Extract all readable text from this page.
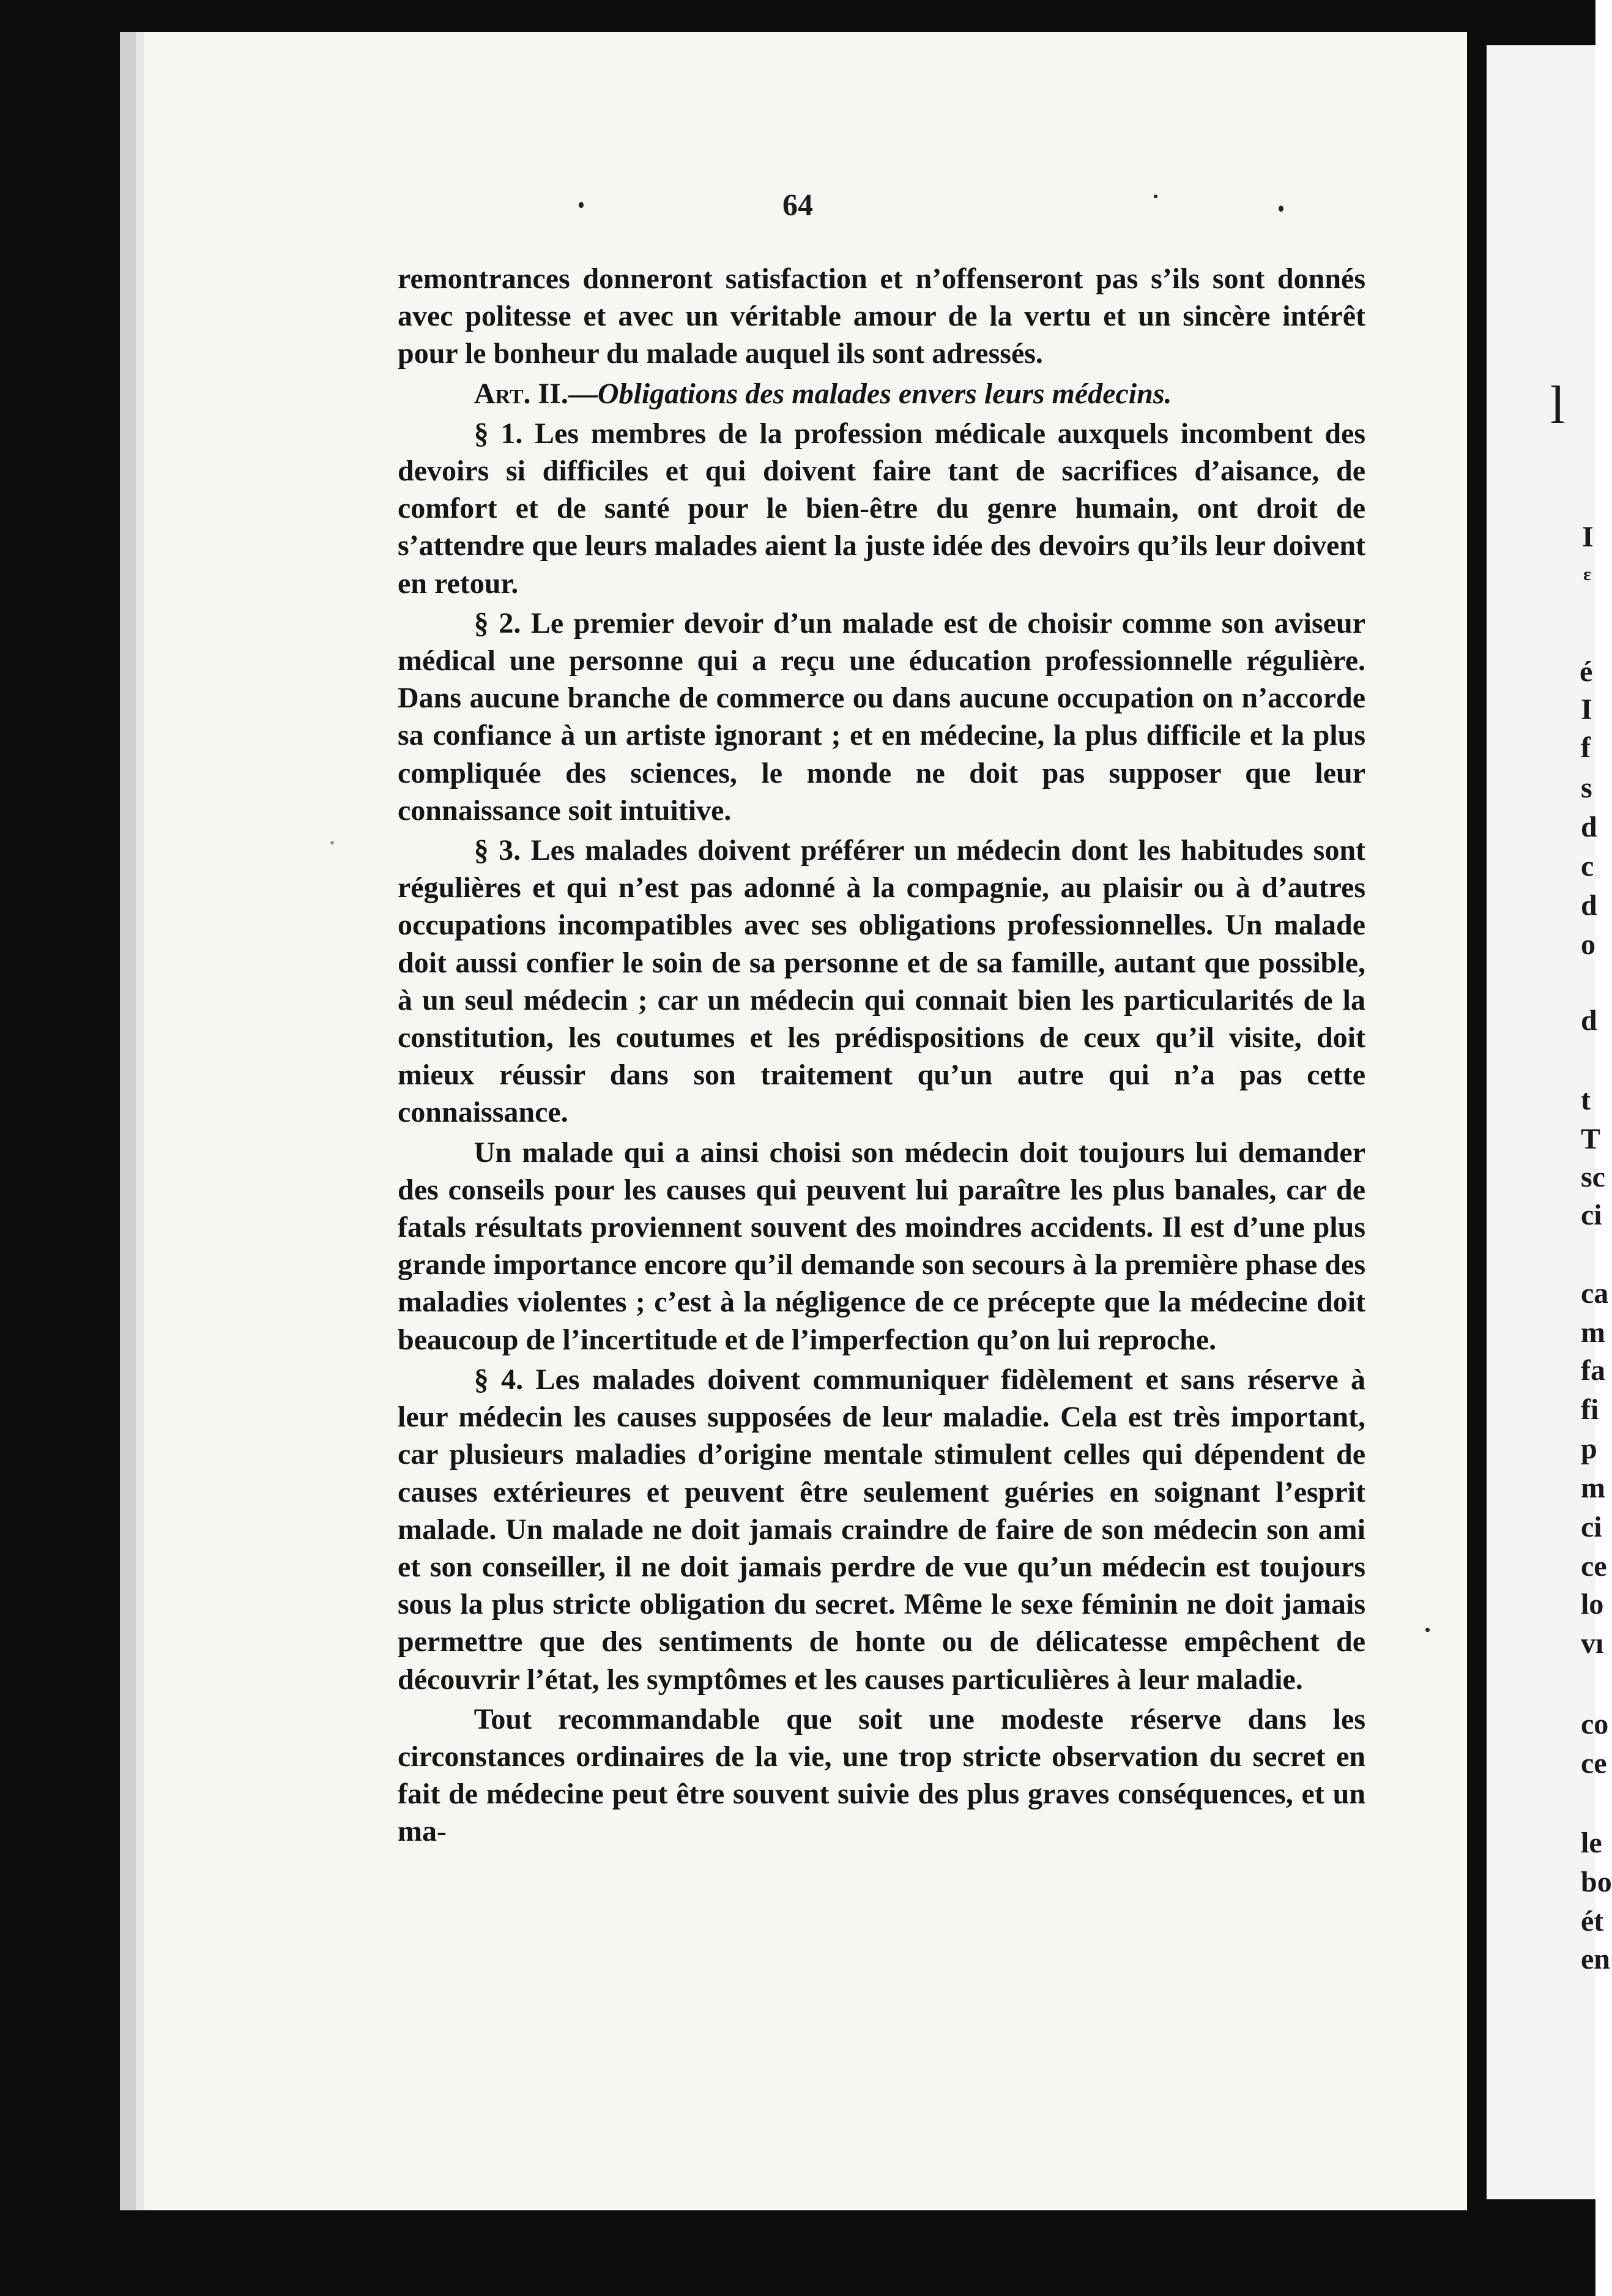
l
I
ɛ
é
I
f
s
d
c
d
o
d
t
T
sc
ci
ca
m
fa
fi
p
m
ci
ce
lo
vı
co
ce
le
bo
ét
en
64

remontrances donneront satisfaction et n’offenseront pas s’ils sont donnés avec politesse et avec un véritable amour de la vertu et un sincère intérêt pour le bonheur du malade auquel ils sont adressés.

Art. II.—Obligations des malades envers leurs médecins.

§ 1. Les membres de la profession médicale auxquels incombent des devoirs si difficiles et qui doivent faire tant de sacrifices d’aisance, de comfort et de santé pour le bien-être du genre humain, ont droit de s’attendre que leurs malades aient la juste idée des devoirs qu’ils leur doivent en retour.

§ 2. Le premier devoir d’un malade est de choisir comme son aviseur médical une personne qui a reçu une éducation professionnelle régulière. Dans aucune branche de commerce ou dans aucune occupation on n’accorde sa confiance à un artiste ignorant ; et en médecine, la plus difficile et la plus compliquée des sciences, le monde ne doit pas supposer que leur connaissance soit intuitive.

§ 3. Les malades doivent préférer un médecin dont les habitudes sont régulières et qui n’est pas adonné à la compagnie, au plaisir ou à d’autres occupations incompatibles avec ses obligations professionnelles. Un malade doit aussi confier le soin de sa personne et de sa famille, autant que possible, à un seul médecin ; car un médecin qui connait bien les particularités de la constitution, les coutumes et les prédispositions de ceux qu’il visite, doit mieux réussir dans son traitement qu’un autre qui n’a pas cette connaissance.

Un malade qui a ainsi choisi son médecin doit toujours lui demander des conseils pour les causes qui peuvent lui paraître les plus banales, car de fatals résultats proviennent souvent des moindres accidents. Il est d’une plus grande importance encore qu’il demande son secours à la première phase des maladies violentes ; c’est à la négligence de ce précepte que la médecine doit beaucoup de l’incertitude et de l’imperfection qu’on lui reproche.

§ 4. Les malades doivent communiquer fidèlement et sans réserve à leur médecin les causes supposées de leur maladie. Cela est très important, car plusieurs maladies d’origine mentale stimulent celles qui dépendent de causes extérieures et peuvent être seulement guéries en soignant l’esprit malade. Un malade ne doit jamais craindre de faire de son médecin son ami et son conseiller, il ne doit jamais perdre de vue qu’un médecin est toujours sous la plus stricte obligation du secret. Même le sexe féminin ne doit jamais permettre que des sentiments de honte ou de délicatesse empêchent de découvrir l’état, les symptômes et les causes particulières à leur maladie.

Tout recommandable que soit une modeste réserve dans les circonstances ordinaires de la vie, une trop stricte observation du secret en fait de médecine peut être souvent suivie des plus graves conséquences, et un ma-
